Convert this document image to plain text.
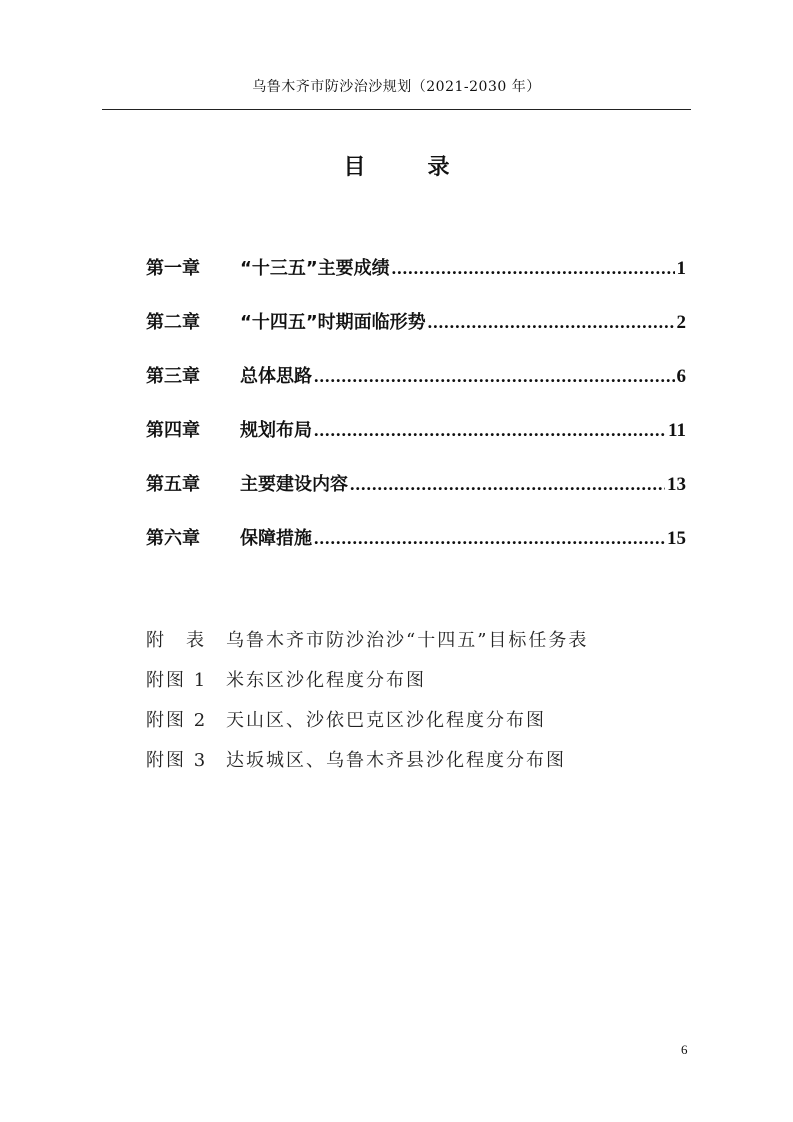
乌鲁木齐市防沙治沙规划（2021-2030 年）
目	录
第一章	“十三五”主要成绩 .....	1
第二章	“十四五”时期面临形势 .....	2
第三章	总体思路 .....	6
第四章	规划布局 .....	11
第五章	主要建设内容 .....	13
第六章	保障措施 .....	15
附　表	乌鲁木齐市防沙治沙“十四五”目标任务表
附图 1	米东区沙化程度分布图
附图 2	天山区、沙依巴克区沙化程度分布图
附图 3	达坂城区、乌鲁木齐县沙化程度分布图
6
